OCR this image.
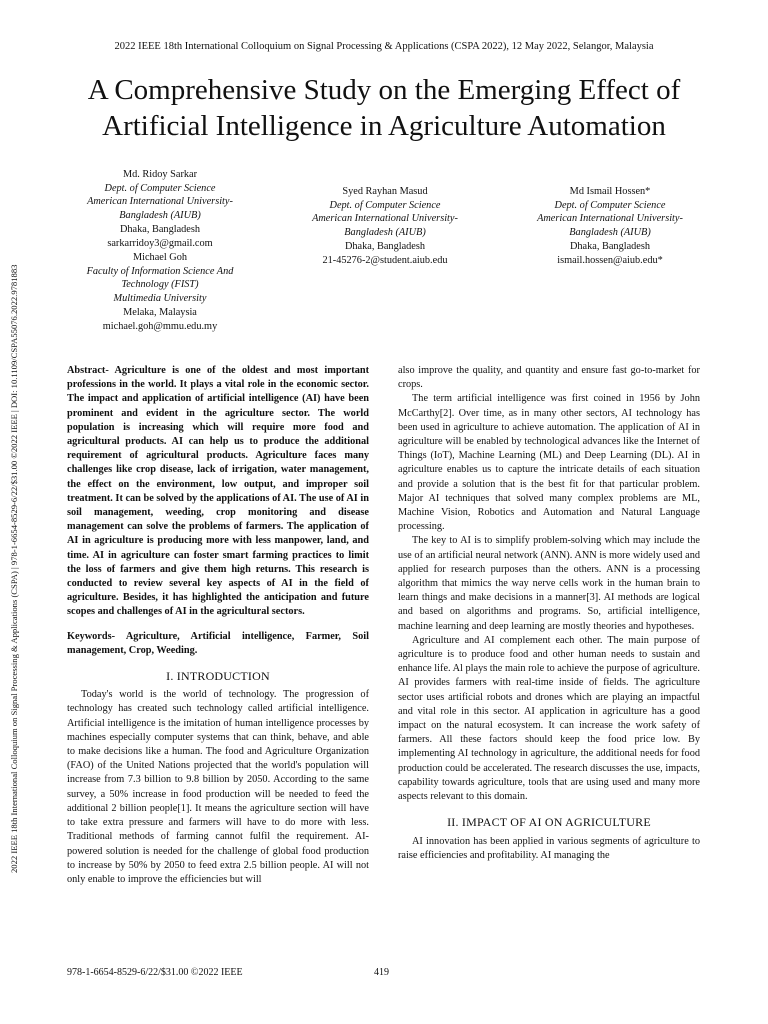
2022 IEEE 18th International Colloquium on Signal Processing & Applications (CSPA 2022), 12 May 2022, Selangor, Malaysia
A Comprehensive Study on the Emerging Effect of
Artificial Intelligence in Agriculture Automation
2022 IEEE 18th International Colloquium on Signal Processing & Applications (CSPA) | 978-1-6654-8529-6/22/$31.00 ©2022 IEEE | DOI: 10.1109/CSPA55076.2022.9781883
Md. Ridoy Sarkar
Dept. of Computer Science
American International University-
Bangladesh (AIUB)
Dhaka, Bangladesh
sarkarridoy3@gmail.com
Syed Rayhan Masud
Dept. of Computer Science
American International University-
Bangladesh (AIUB)
Dhaka, Bangladesh
21-45276-2@student.aiub.edu
Md Ismail Hossen*
Dept. of Computer Science
American International University-
Bangladesh (AIUB)
Dhaka, Bangladesh
ismail.hossen@aiub.edu*
Michael Goh
Faculty of Information Science And
Technology (FIST)
Multimedia University
Melaka, Malaysia
michael.goh@mmu.edu.my

Abstract- Agriculture is one of the oldest and most important professions in the world. It plays a vital role in the economic sector. The impact and application of artificial intelligence (AI) have been prominent and evident in the agriculture sector. The world population is increasing which will require more food and agricultural products. AI can help us to produce the additional requirement of agricultural products. Agriculture faces many challenges like crop disease, lack of irrigation, water management, the effect on the environment, low output, and improper soil treatment. It can be solved by the applications of AI. The use of AI in soil management, weeding, crop monitoring and disease management can solve the problems of farmers. The application of AI in agriculture is producing more with less manpower, land, and time. AI in agriculture can foster smart farming practices to limit the loss of farmers and give them high returns. This research is conducted to review several key aspects of AI in the field of agriculture. Besides, it has highlighted the anticipation and future scopes and challenges of AI in the agricultural sectors.

Keywords- Agriculture, Artificial intelligence, Farmer, Soil management, Crop, Weeding.

I. INTRODUCTION

Today's world is the world of technology. The progression of technology has created such technology called artificial intelligence. Artificial intelligence is the imitation of human intelligence processes by machines especially computer systems that can think, behave, and able to make decisions like a human. The food and Agriculture Organization (FAO) of the United Nations projected that the world's population will increase from 7.3 billion to 9.8 billion by 2050. According to the same survey, a 50% increase in food production will be needed to feed the additional 2 billion people[1]. It means the agriculture section will have to take extra pressure and farmers will have to do more with less. Traditional methods of farming cannot fulfil the requirement. AI-powered solution is needed for the challenge of global food production to increase by 50% by 2050 to feed extra 2.5 billion people. AI will not only enable to improve the efficiencies but will

also improve the quality, and quantity and ensure fast go-to-market for crops.

The term artificial intelligence was first coined in 1956 by John McCarthy[2]. Over time, as in many other sectors, AI technology has been used in agriculture to achieve automation. The application of AI in agriculture will be enabled by technological advances like the Internet of Things (IoT), Machine Learning (ML) and Deep Learning (DL). AI in agriculture enables us to capture the intricate details of each situation and provide a solution that is the best fit for that particular problem. Major AI techniques that solved many complex problems are ML, Machine Vision, Robotics and Automation and Natural Language processing.

The key to AI is to simplify problem-solving which may include the use of an artificial neural network (ANN). ANN is more widely used and applied for research purposes than the others. ANN is a processing algorithm that mimics the way nerve cells work in the human brain to learn things and make decisions in a manner[3]. AI methods are logical and based on algorithms and programs. So, artificial intelligence, machine learning and deep learning are mostly theories and hypotheses.

Agriculture and AI complement each other. The main purpose of agriculture is to produce food and other human needs to sustain and enhance life. Al plays the main role to achieve the purpose of agriculture. AI provides farmers with real-time inside of fields. The agriculture sector uses artificial robots and drones which are playing an impactful and vital role in this sector. AI application in agriculture has a good impact on the natural ecosystem. It can increase the work safety of farmers. All these factors should keep the food price low. By implementing AI technology in agriculture, the additional needs for food production could be accelerated. The research discusses the use, impacts, capability towards agriculture, tools that are using used and many more aspects relevant to this domain.

II. IMPACT OF AI ON AGRICULTURE

AI innovation has been applied in various segments of agriculture to raise efficiencies and profitability. AI managing the

978-1-6654-8529-6/22/$31.00 ©2022 IEEE	419
